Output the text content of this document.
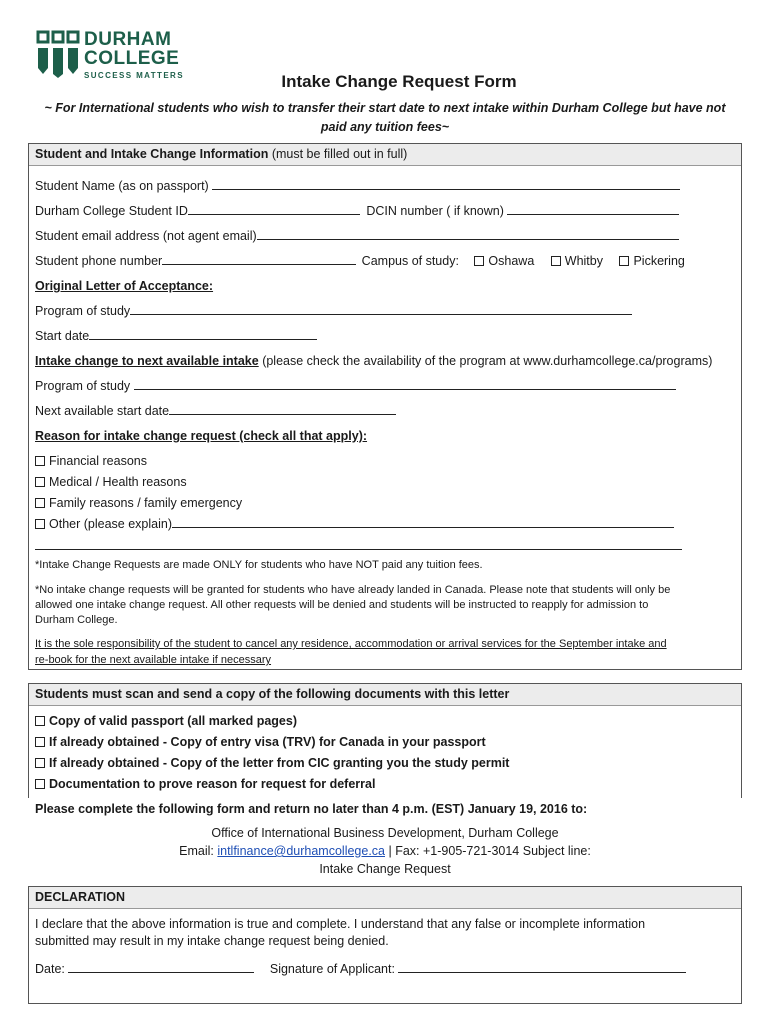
DURHAM
COLLEGE
SUCCESS MATTERS	Intake Change Request Form
~ For International students who wish to transfer their start date to next intake within Durham College but have not paid any tuition fees~
Student and Intake Change Information (must be filled out in full)
Student Name (as on passport)
Durham College Student ID	DCIN number ( if known)
Student email address (not agent email)
Student phone number	Campus of study: Oshawa Whitby Pickering
Original Letter of Acceptance:
Program of study
Start date
Intake change to next available intake (please check the availability of the program at www.durhamcollege.ca/programs)
Program of study
Next available start date
Reason for intake change request (check all that apply):
Financial reasons
Medical / Health reasons
Family reasons / family emergency
Other (please explain)
*Intake Change Requests are made ONLY for students who have NOT paid any tuition fees.
*No intake change requests will be granted for students who have already landed in Canada. Please note that students will only be
allowed one intake change request. All other requests will be denied and students will be instructed to reapply for admission to
Durham College.
It is the sole responsibility of the student to cancel any residence, accommodation or arrival services for the September intake and
re-book for the next available intake if necessary
Students must scan and send a copy of the following documents with this letter
Copy of valid passport (all marked pages)
If already obtained - Copy of entry visa (TRV) for Canada in your passport
If already obtained - Copy of the letter from CIC granting you the study permit
Documentation to prove reason for request for deferral
Please complete the following form and return no later than 4 p.m. (EST) January 19, 2016 to:
Office of International Business Development, Durham College
Email: intlfinance@durhamcollege.ca | Fax: +1-905-721-3014 Subject line:
Intake Change Request
DECLARATION
I declare that the above information is true and complete. I understand that any false or incomplete information
submitted may result in my intake change request being denied.
Date:	Signature of Applicant:
